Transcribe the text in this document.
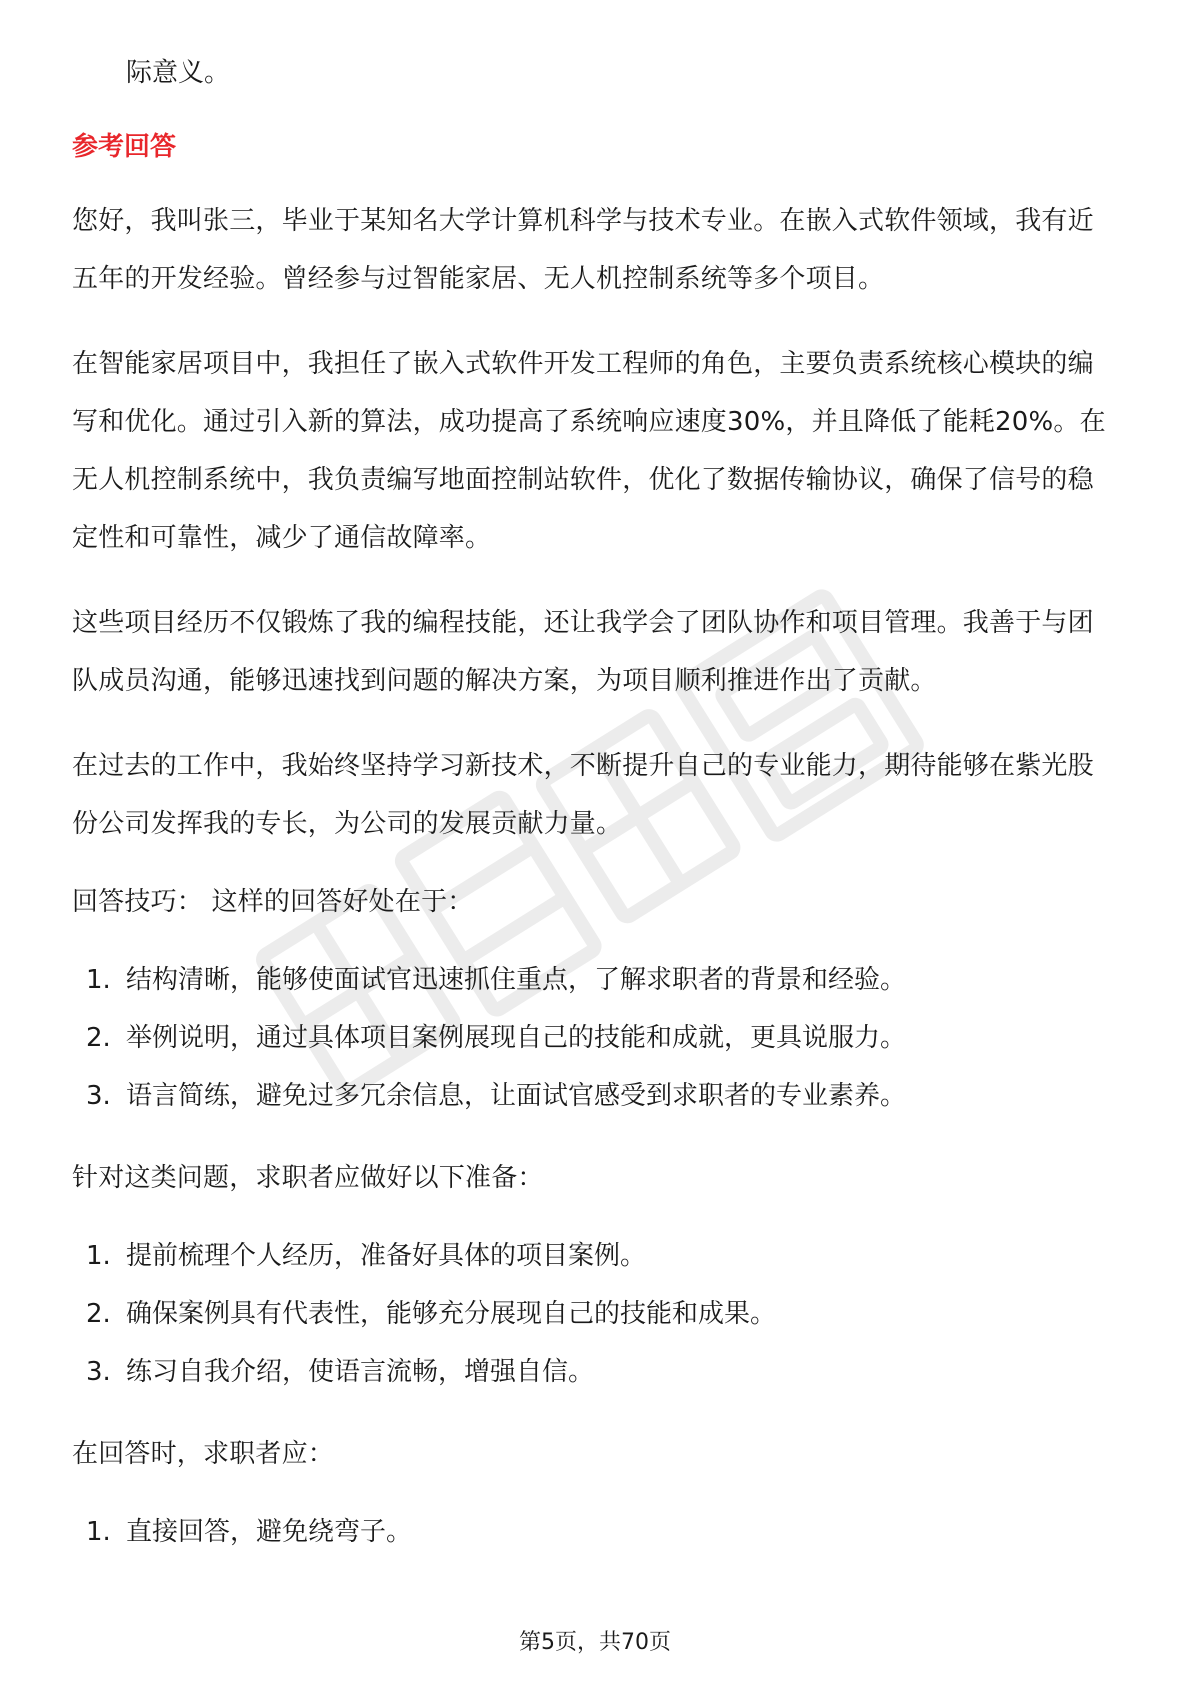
际意义。

参考回答

您好，我叫张三，毕业于某知名大学计算机科学与技术专业。在嵌入式软件领域，我有近五年的开发经验。曾经参与过智能家居、无人机控制系统等多个项目。

在智能家居项目中，我担任了嵌入式软件开发工程师的角色，主要负责系统核心模块的编写和优化。通过引入新的算法，成功提高了系统响应速度30%，并且降低了能耗20%。在无人机控制系统中，我负责编写地面控制站软件，优化了数据传输协议，确保了信号的稳定性和可靠性，减少了通信故障率。

这些项目经历不仅锻炼了我的编程技能，还让我学会了团队协作和项目管理。我善于与团队成员沟通，能够迅速找到问题的解决方案，为项目顺利推进作出了贡献。

在过去的工作中，我始终坚持学习新技术，不断提升自己的专业能力，期待能够在紫光股份公司发挥我的专长，为公司的发展贡献力量。

回答技巧： 这样的回答好处在于：

1. 结构清晰，能够使面试官迅速抓住重点，了解求职者的背景和经验。
2. 举例说明，通过具体项目案例展现自己的技能和成就，更具说服力。
3. 语言简练，避免过多冗余信息，让面试官感受到求职者的专业素养。

针对这类问题，求职者应做好以下准备：

1. 提前梳理个人经历，准备好具体的项目案例。
2. 确保案例具有代表性，能够充分展现自己的技能和成果。
3. 练习自我介绍，使语言流畅，增强自信。

在回答时，求职者应：

1. 直接回答，避免绕弯子。
第5页，共70页
